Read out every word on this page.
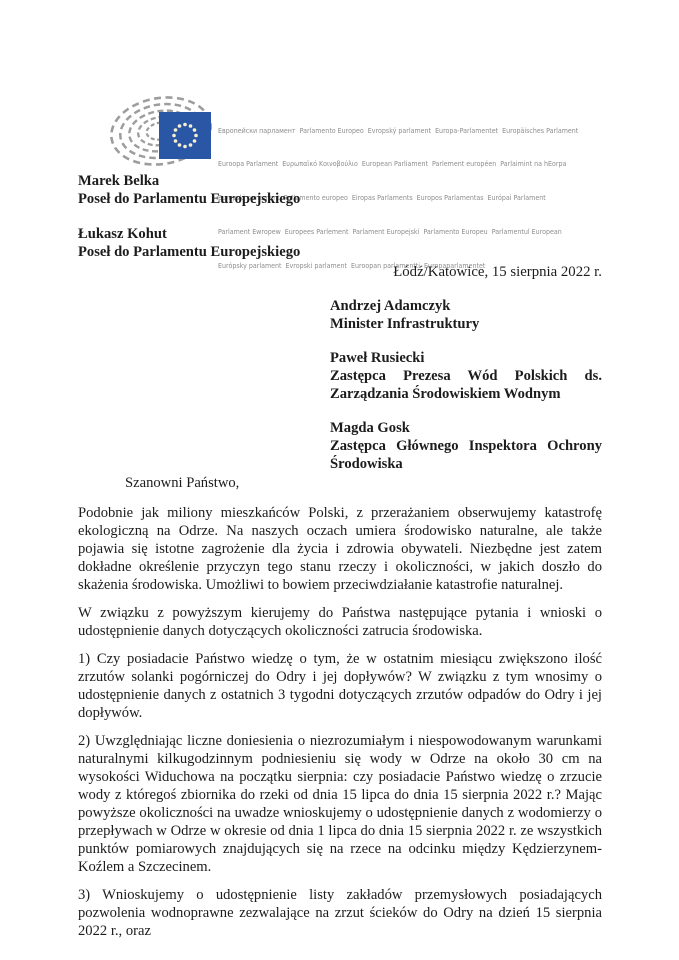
Европейски парламент  Parlamento Europeo  Evropský parlament  Europa-Parlamentet  Europäisches Parlament

Euroopa Parlament  Ευρωπαϊκό Κοινοβούλιο  European Parliament  Parlement européen  Parlaimint na hEorpa

Europski parlament  Parlamento europeo  Eiropas Parlaments  Europos Parlamentas  Európai Parlament

Parlament Ewropew  Europees Parlement  Parlament Europejski  Parlamento Europeu  Parlamentul European

Európsky parlament  Evropski parlament  Euroopan parlamentti  Europaparlamentet

Marek Belka
Poseł do Parlamentu Europejskiego
Łukasz Kohut
Poseł do Parlamentu Europejskiego
Łódź/Katowice, 15 sierpnia 2022 r.
Andrzej Adamczyk
Minister Infrastruktury
Paweł Rusiecki
Zastępca Prezesa Wód Polskich ds. Zarządzania Środowiskiem Wodnym
Magda Gosk
Zastępca Głównego Inspektora Ochrony Środowiska
Szanowni Państwo,

Podobnie jak miliony mieszkańców Polski, z przerażaniem obserwujemy katastrofę ekologiczną na Odrze. Na naszych oczach umiera środowisko naturalne, ale także pojawia się istotne zagrożenie dla życia i zdrowia obywateli. Niezbędne jest zatem dokładne określenie przyczyn tego stanu rzeczy i okoliczności, w jakich doszło do skażenia środowiska. Umożliwi to bowiem przeciwdziałanie katastrofie naturalnej.

W związku z powyższym kierujemy do Państwa następujące pytania i wnioski o udostępnienie danych dotyczących okoliczności zatrucia środowiska.

1) Czy posiadacie Państwo wiedzę o tym, że w ostatnim miesiącu zwiększono ilość zrzutów solanki pogórniczej do Odry i jej dopływów? W związku z tym wnosimy o udostępnienie danych z ostatnich 3 tygodni dotyczących zrzutów odpadów do Odry i jej dopływów.

2) Uwzględniając liczne doniesienia o niezrozumiałym i niespowodowanym warunkami naturalnymi kilkugodzinnym podniesieniu się wody w Odrze na około 30 cm na wysokości Widuchowa na początku sierpnia: czy posiadacie Państwo wiedzę o zrzucie wody z któregoś zbiornika do rzeki od dnia 15 lipca do dnia 15 sierpnia 2022 r.? Mając powyższe okoliczności na uwadze wnioskujemy o udostępnienie danych z wodomierzy o przepływach w Odrze w okresie od dnia 1 lipca do dnia 15 sierpnia 2022 r. ze wszystkich punktów pomiarowych znajdujących się na rzece na odcinku między Kędzierzynem-Koźlem a Szczecinem.

3) Wnioskujemy o udostępnienie listy zakładów przemysłowych posiadających pozwolenia wodnoprawne zezwalające na zrzut ścieków do Odry na dzień 15 sierpnia 2022 r., oraz
